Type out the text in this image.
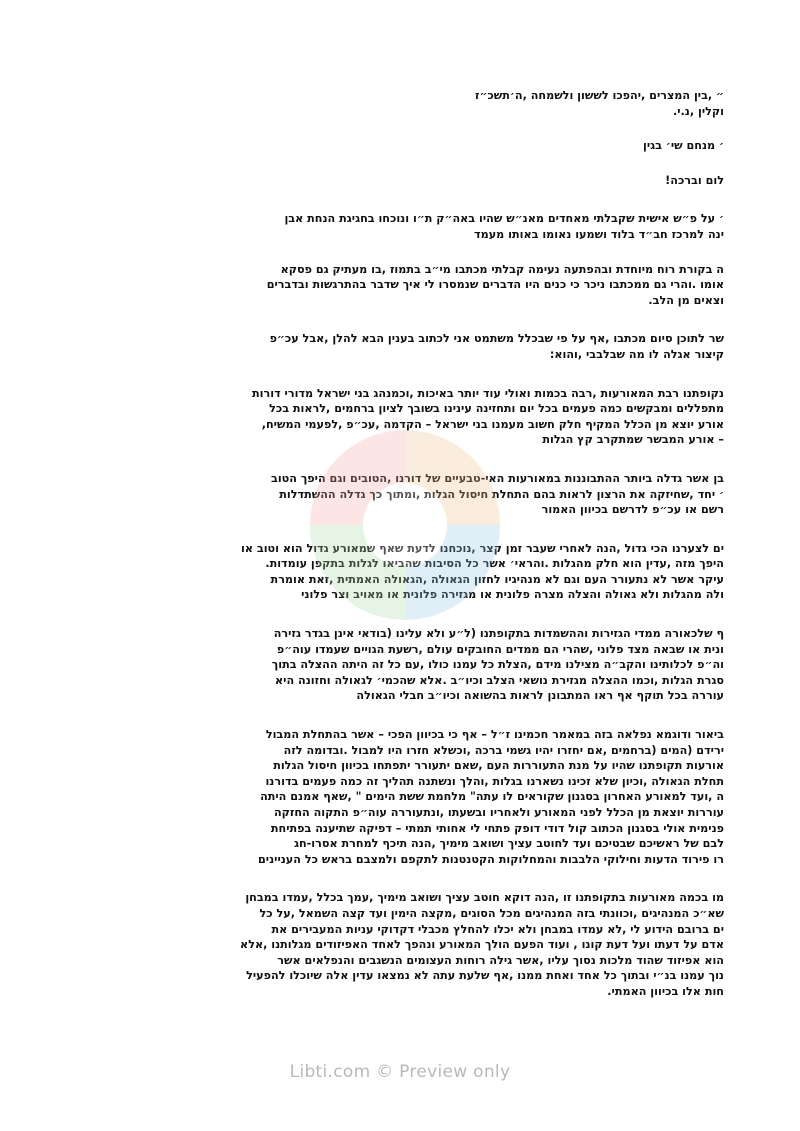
״ ,בין המצרים ,יהפכו לששון ולשמחה ,ה׳תשכ״ז
וקלין ,נ.י.
׳ מנחם שי׳ בגין
לום וברכה!
׳ על פ״ש אישית שקבלתי מאחדים מאנ״ש שהיו באה״ק ת״ו ונוכחו בחגיגת הנחת אבן
ינה למרכז חב״ד בלוד ושמעו נאומו באותו מעמד
ה בקורת רוח מיוחדת ובהפתעה נעימה קבלתי מכתבו מי״ב בתמוז ,בו מעתיק גם פסקא
אומו .והרי גם ממכתבו ניכר כי כנים היו הדברים שנמסרו לי איך שדבר בהתרגשות ובדברים
וצאים מן הלב.
שר לתוכן סיום מכתבו ,אף על פי שבכלל משתמט אני לכתוב בענין הבא להלן ,אבל עכ״פ
קיצור אגלה לו מה שבלבבי ,והוא:
נקופתנו רבת המאורעות ,רבה בכמות ואולי עוד יותר באיכות ,וכמנהג בני ישראל מדורי דורות
מתפללים ומבקשים כמה פעמים בכל יום ותחזינה עינינו בשובך לציון ברחמים ,לראות בכל
אורע יוצא מן הכלל המקיף חלק חשוב מעמנו בני ישראל – הקדמה ,עכ״פ ,לפעמי המשיח,
– אורע המבשר שמתקרב קץ הגלות
בן אשר גדלה ביותר ההתבוננות במאורעות האי-טבעיים של דורנו ,הטובים וגם היפך הטוב
׳ יחד ,שחיזקה את הרצון לראות בהם התחלת חיסול הגלות ,ומתוך כך גדלה ההשתדלות
רשם או עכ״פ לדרשם בכיוון האמור
ים לצערנו הכי גדול ,הנה לאחרי שעבר זמן קצר ,נוכחנו לדעת שאף שמאורע גדול הוא וטוב או
היפך מזה ,עדין הוא חלק מהגלות .והראי׳ אשר כל הסיבות שהביאו לגלות בתקפן עומדות.
עיקר אשר לא נתעורר העם וגם לא מנהיגיו לחזון הגאולה ,הגאולה האמתית ,זאת אומרת
ולה מהגלות ולא גאולה והצלה מצרה פלונית או מגזירה פלונית או מאויב וצר פלוני
ף שלכאורה ממדי הגזירות וההשמדות בתקופתנו (ל״ע ולא עלינו (בודאי אינן בגדר גזירה
ונית או שבאה מצד פלוני ,שהרי הם ממדים החובקים עולם ,רשעת הגויים שעמדו עוה״פ
וה״פ לכלותינו והקב״ה מצילנו מידם ,הצלת כל עמנו כולו ,עם כל זה היתה ההצלה בתוך
סגרת הגלות ,וכמו ההצלה מגזירת נושאי הצלב וכיו״ב .אלא שהכמי׳ לגאולה וחזונה היא
עוררה בכל תוקף אף ראו המתבונן לראות בהשואה וכיו״ב חבלי הגאולה
ביאור ודוגמא נפלאה בזה במאמר חכמינו ז״ל – אף כי בכיוון הפכי – אשר בהתחלת המבול
ירידם (המים (ברחמים ,אם יחזרו יהיו גשמי ברכה ,וכשלא חזרו היו למבול .ובדומה לזה
אורעות תקופתנו שהיו על מנת התעוררות העם ,שאם יתעורר יתפתחו בכיוון חיסול הגלות
תחלת הגאולה ,וכיון שלא זכינו נשארנו בגלות ,והלך ונשתנה תהליך זה כמה פעמים בדורנו
ה ,ועד למאורע האחרון בסגנון שקוראים לו עתה" מלחמת ששת הימים " ,שאף אמנם היתה
עוררות יוצאת מן הכלל לפני המאורע ולאחריו ובשעתו ,ונתעוררה עוה״פ התקוה החזקה
פנימית אולי בסגנון הכתוב קול דודי דופק פתחי לי אחותי תמתי – דפיקה שתיענה בפתיחת
לבם של ראשיכם שבטיכם ועד לחוטב עציך ושואב מימיך ,הנה תיכף למחרת אסרו-חג
רו פירוד הדעות וחילוקי הלבבות והמחלוקות הקטנטנות לתקפם ולמצבם בראש כל העניינים
מו בכמה מאורעות בתקופתנו זו ,הנה דוקא חוטב עציך ושואב מימיך ,עמך בכלל ,עמדו במבחן
שא״כ המנהיגים ,וכוונתי בזה המנהיגים מכל הסוגים ,מקצה הימין ועד קצה השמאל ,על כל
ים ברובם הידוע לי ,לא עמדו במבחן ולא יכלו להחלץ מכבלי דקדוקי עניות המעבירים את
אדם על דעתו ועל דעת קונו , ועוד הפעם הולך המאורע ונהפך לאחד האפיזודים מגלותנו ,אלא
הוא אפיזוד שהוד מלכות נסוך עליו ,אשר גילה רוחות העצומים הנשגבים והנפלאים אשר
נוך עמנו בנ״י ובתוך כל אחד ואחת ממנו ,אף שלעת עתה לא נמצאו עדין אלה שיוכלו להפעיל
חות אלו בכיוון האמתי.
Libti.com © Preview only
